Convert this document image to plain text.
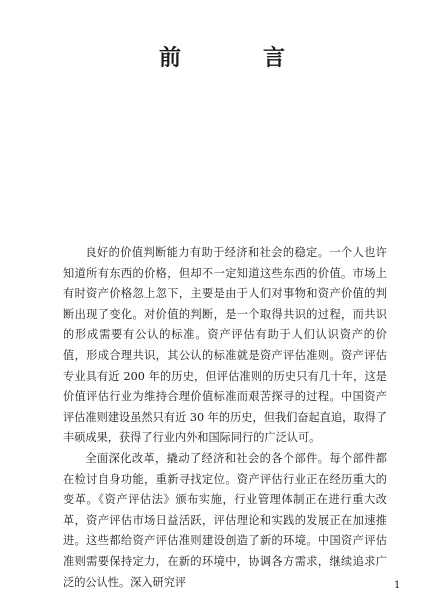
前　言

良好的价值判断能力有助于经济和社会的稳定。一个人也许知道所有东西的价格，但却不一定知道这些东西的价值。市场上有时资产价格忽上忽下，主要是由于人们对事物和资产价值的判断出现了变化。对价值的判断，是一个取得共识的过程，而共识的形成需要有公认的标准。资产评估有助于人们认识资产的价值，形成合理共识，其公认的标准就是资产评估准则。资产评估专业具有近 200 年的历史，但评估准则的历史只有几十年，这是价值评估行业为维持合理价值标准而艰苦探寻的过程。中国资产评估准则建设虽然只有近 30 年的历史，但我们奋起直追，取得了丰硕成果，获得了行业内外和国际同行的广泛认可。

全面深化改革，撬动了经济和社会的各个部件。每个部件都在检讨自身功能，重新寻找定位。资产评估行业正在经历重大的变革。《资产评估法》颁布实施，行业管理体制正在进行重大改革，资产评估市场日益活跃，评估理论和实践的发展正在加速推进。这些都给资产评估准则建设创造了新的环境。中国资产评估准则需要保持定力，在新的环境中，协调各方需求，继续追求广泛的公认性。深入研究评	1
